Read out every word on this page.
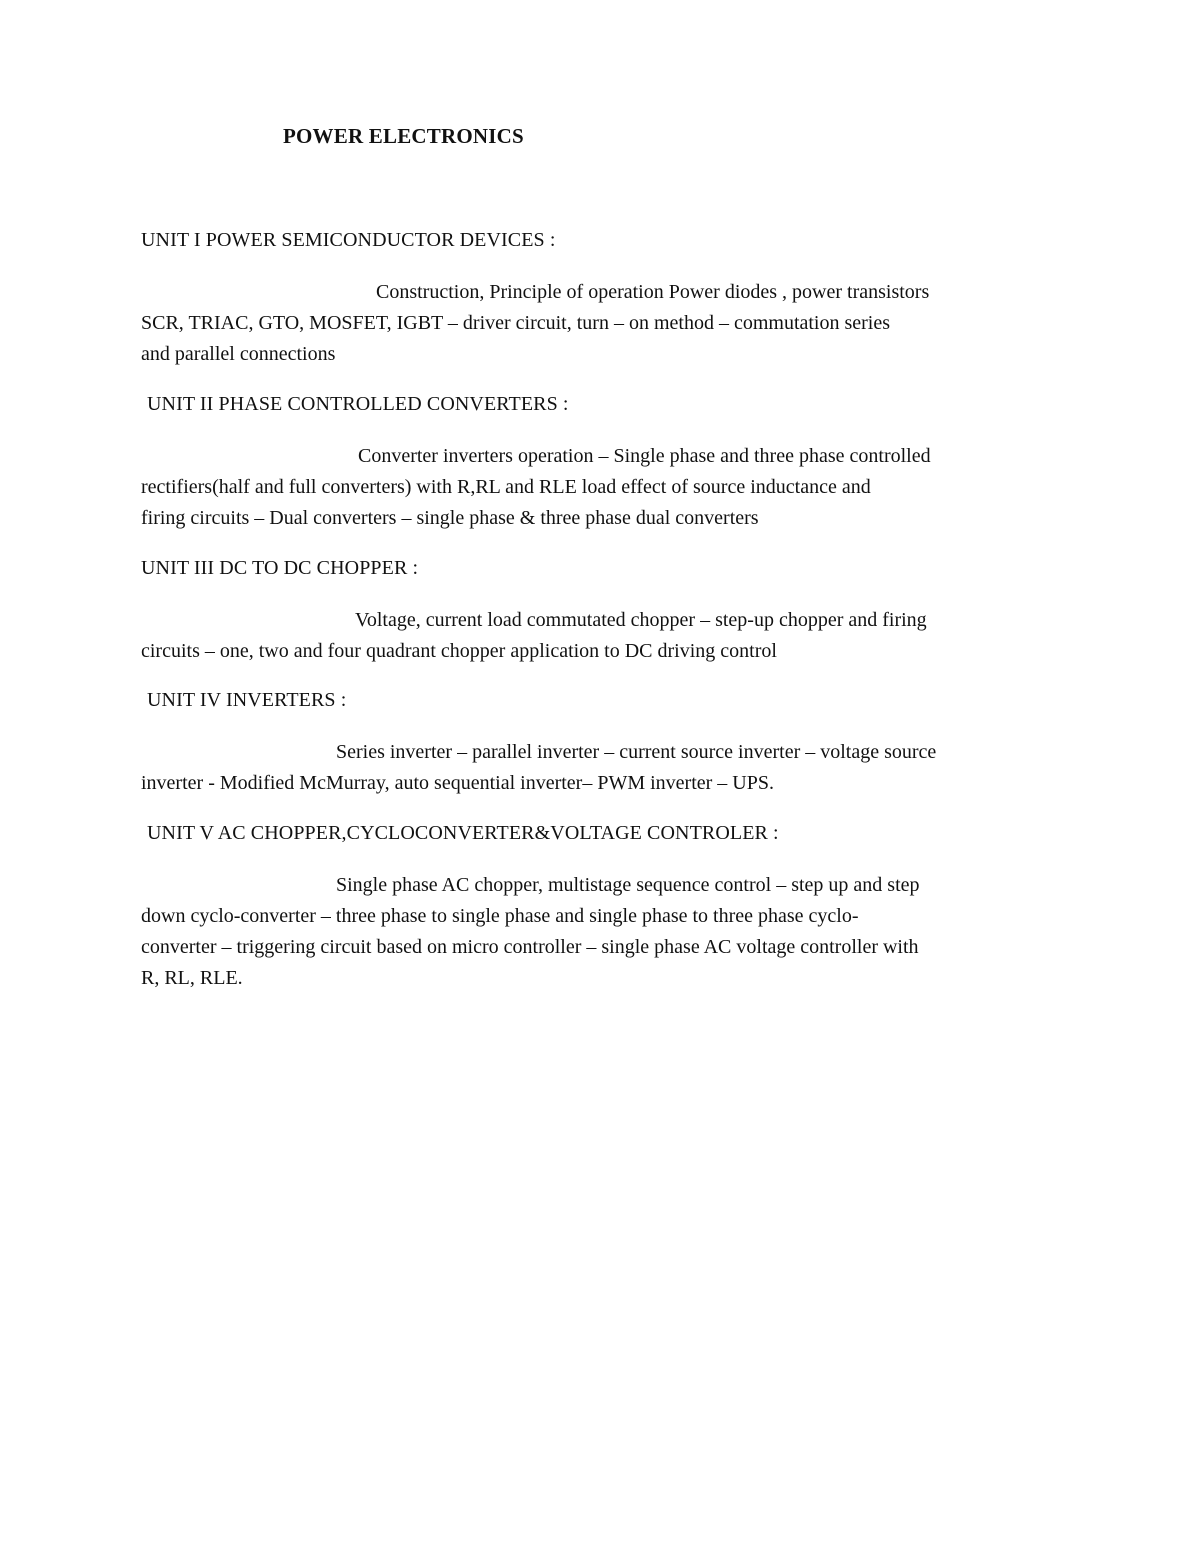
POWER ELECTRONICS
UNIT I POWER SEMICONDUCTOR DEVICES :
Construction, Principle of operation Power diodes , power transistors
SCR, TRIAC, GTO, MOSFET, IGBT – driver circuit, turn – on method – commutation series
and parallel connections
UNIT II PHASE CONTROLLED CONVERTERS :
Converter inverters operation – Single phase and three phase controlled
rectifiers(half and full converters) with R,RL and RLE load effect of source inductance and
firing circuits – Dual converters – single phase & three phase dual converters
UNIT III DC TO DC CHOPPER :
Voltage, current load commutated chopper – step-up chopper and firing
circuits – one, two and four quadrant chopper application to DC driving control
UNIT IV INVERTERS :
Series inverter – parallel inverter – current source inverter – voltage source
inverter - Modified McMurray, auto sequential inverter– PWM inverter – UPS.
UNIT V AC CHOPPER,CYCLOCONVERTER&VOLTAGE CONTROLER :
Single phase AC chopper, multistage sequence control – step up and step
down cyclo-converter – three phase to single phase and single phase to three phase cyclo-
converter – triggering circuit based on micro controller – single phase AC voltage controller with
R, RL, RLE.
